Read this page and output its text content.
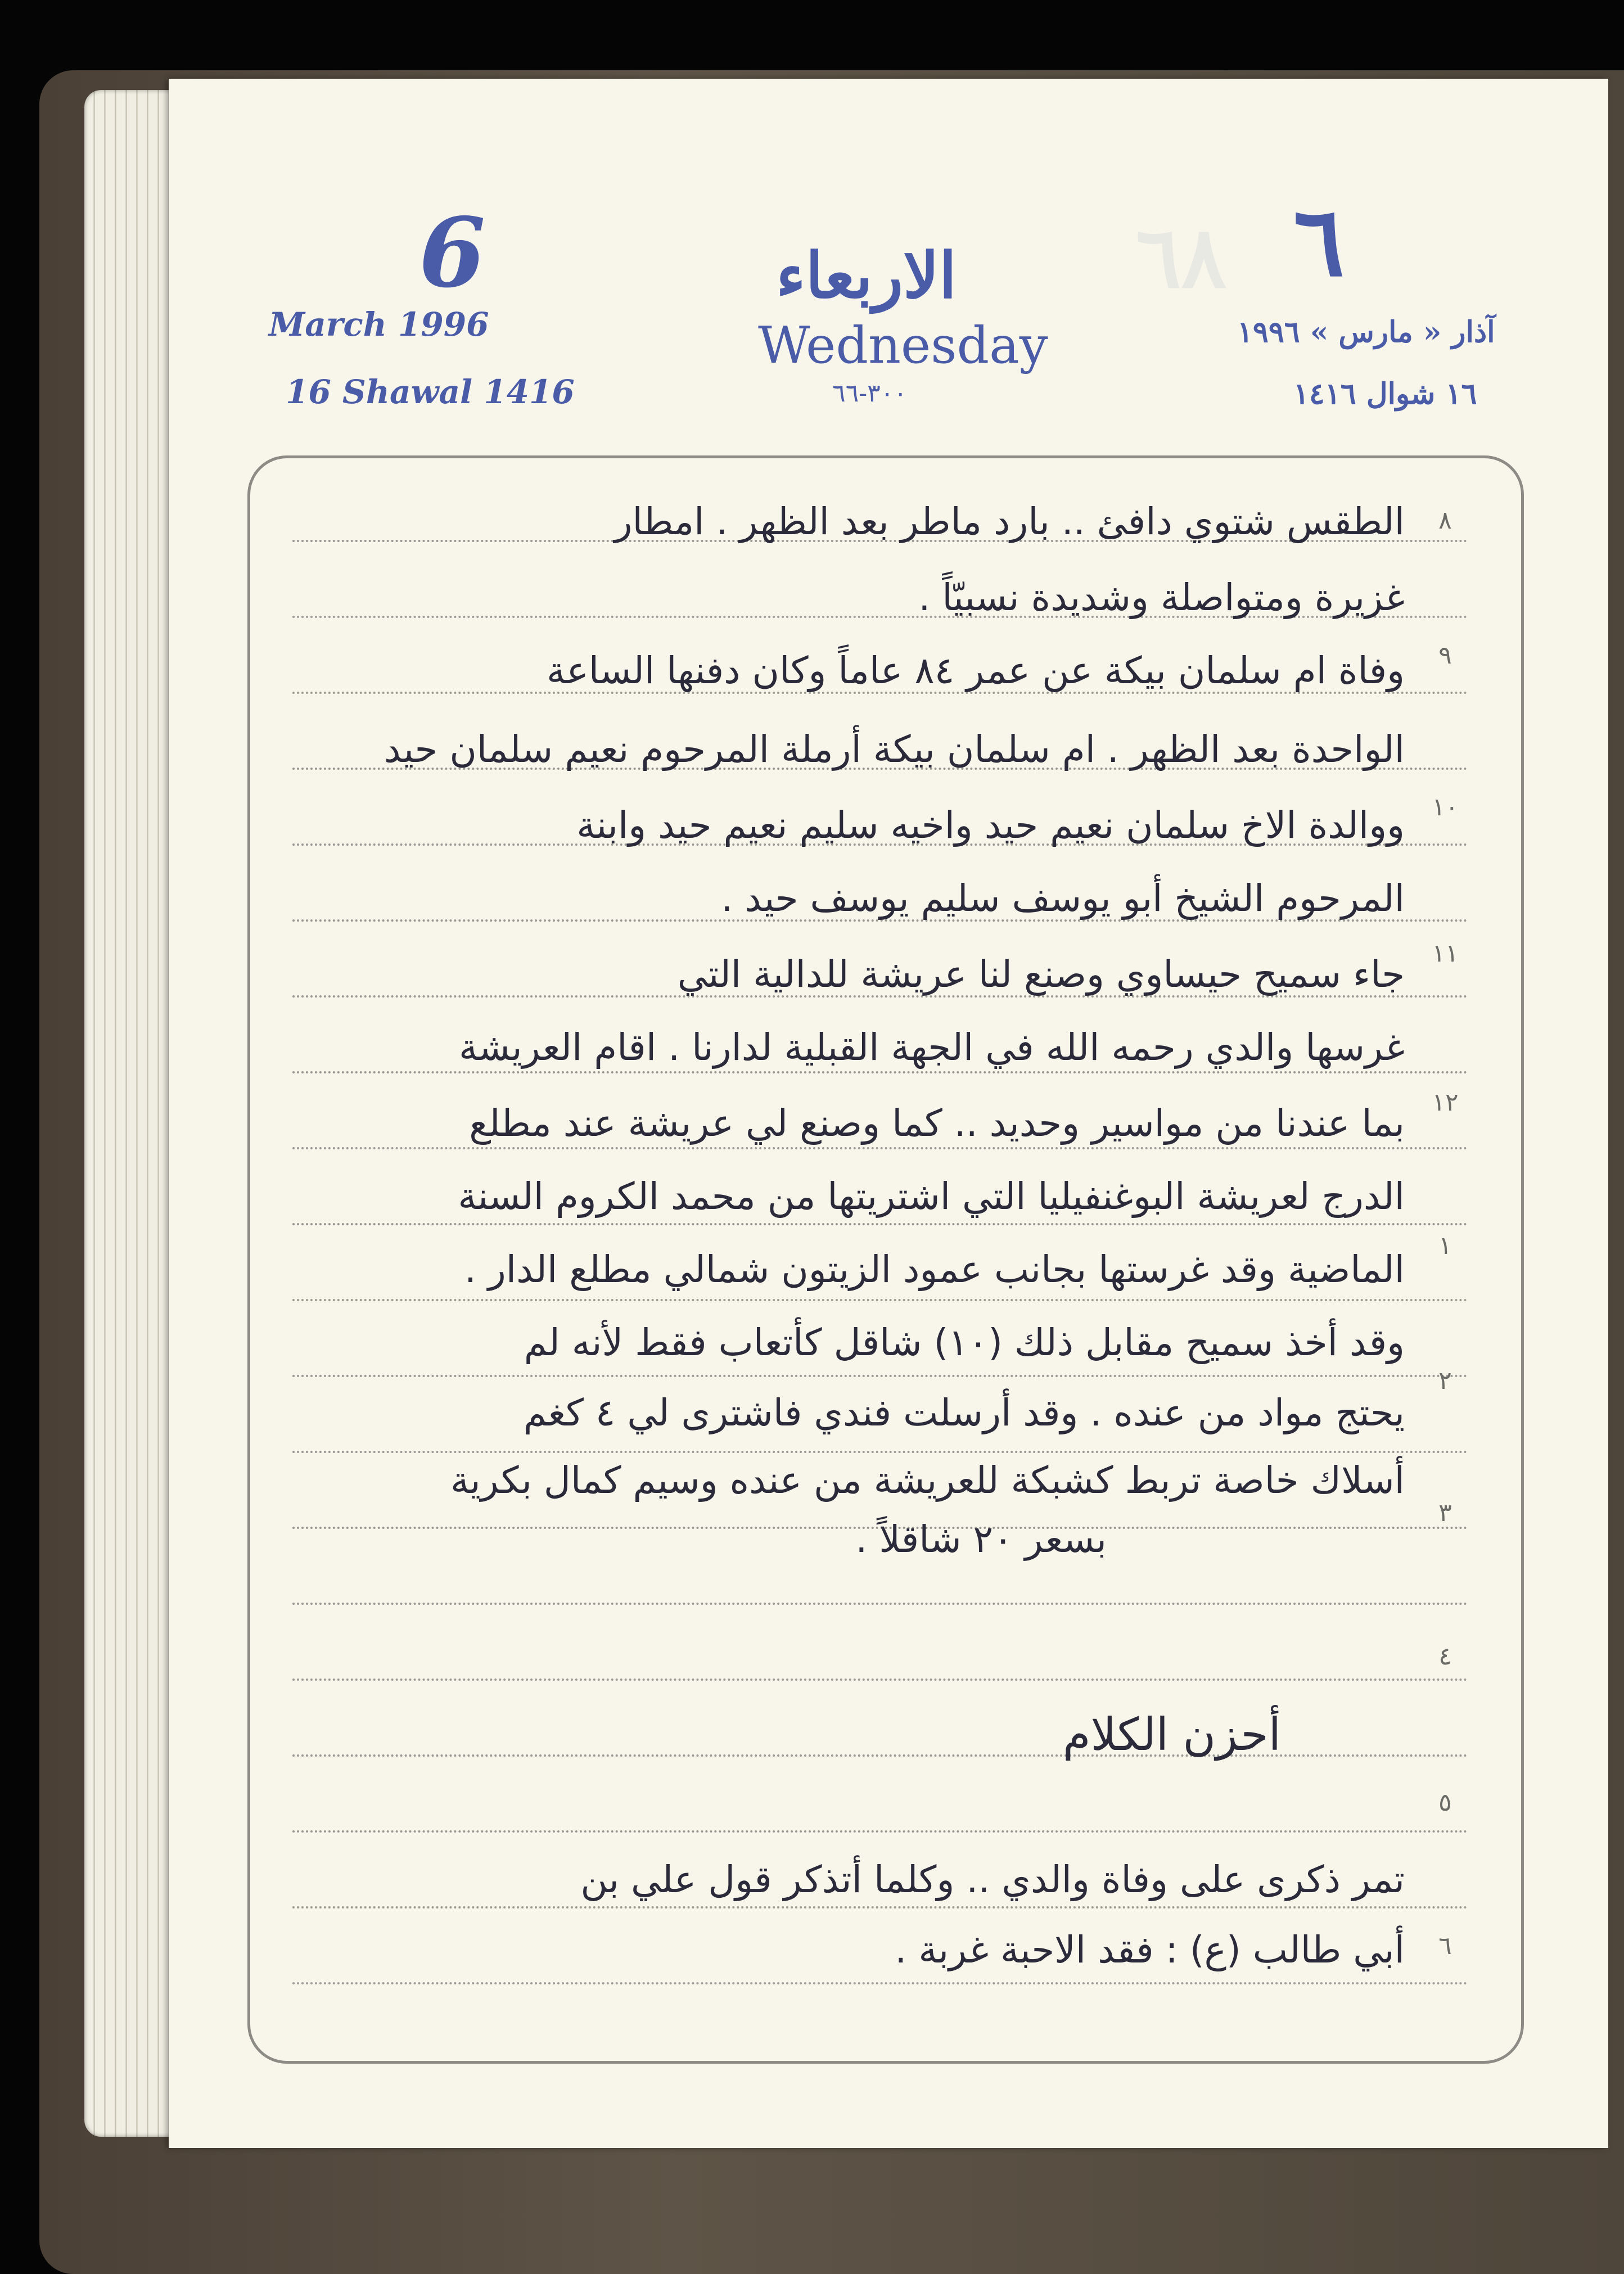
٦٨
6	٦
الاربعاء
Wednesday
٣٠٠-٦٦
March 1996
16 Shawal 1416
آذار « مارس » ١٩٩٦
١٦ شوال ١٤١٦
٨
٩
١٠
١١
١٢
١
٢
٣
٤
٥
٦
الطقس شتوي دافئ .. بارد ماطر بعد الظهر . امطار
غزيرة ومتواصلة وشديدة نسبيّاً .
وفاة ام سلمان بيكة عن عمر ٨٤ عاماً وكان دفنها الساعة
الواحدة بعد الظهر . ام سلمان بيكة أرملة المرحوم نعيم سلمان حيد
ووالدة الاخ سلمان نعيم حيد واخيه سليم نعيم حيد وابنة
المرحوم الشيخ أبو يوسف سليم يوسف حيد .
جاء سميح حيساوي وصنع لنا عريشة للدالية التي
غرسها والدي رحمه الله في الجهة القبلية لدارنا . اقام العريشة
بما عندنا من مواسير وحديد .. كما وصنع لي عريشة عند مطلع
الدرج لعريشة البوغنفيليا التي اشتريتها من محمد الكروم السنة
الماضية وقد غرستها بجانب عمود الزيتون شمالي مطلع الدار .
وقد أخذ سميح مقابل ذلك (١٠) شاقل كأتعاب فقط لأنه لم
يحتج مواد من عنده . وقد أرسلت فندي فاشترى لي ٤ كغم
أسلاك خاصة تربط كشبكة للعريشة من عنده وسيم كمال بكرية
بسعر ٢٠ شاقلاً .
أحزن الكلام
تمر ذكرى على وفاة والدي .. وكلما أتذكر قول علي بن
أبي طالب (ع) : فقد الاحبة غربة .
